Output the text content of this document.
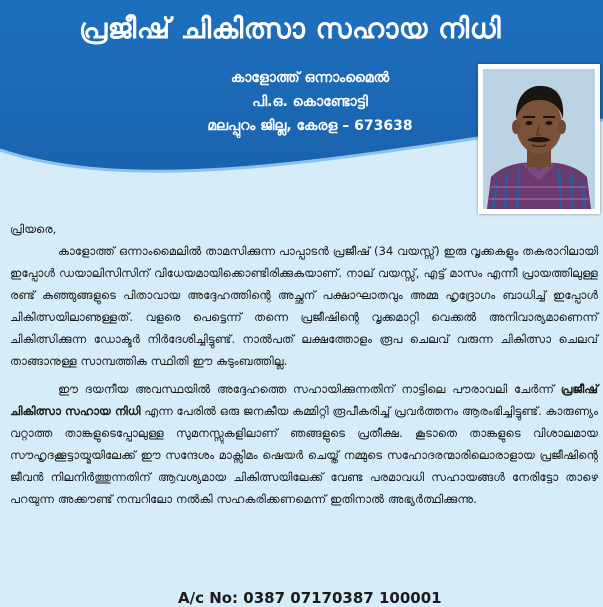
പ്രജീഷ് ചികിത്സാ സഹായ നിധി
കാളോത്ത് ഒന്നാംമൈൽ
പി.ഒ. കൊണ്ടോട്ടി
മലപ്പുറം ജില്ല, കേരള – 673638

പ്രിയരെ,

കാളോത്ത് ഒന്നാംമൈലിൽ താമസിക്കുന്ന പാപ്പാടൻ പ്രജീഷ് (34 വയസ്സ്) ഇരു വൃക്കകളും തകരാറിലായി ഇപ്പോൾ ഡയാലിസിസിന് വിധേയമായിക്കൊണ്ടിരിക്കുകയാണ്. നാല് വയസ്സ്, എട്ട് മാസം എന്നീ പ്രായത്തിലുള്ള രണ്ട് കുഞ്ഞുങ്ങളുടെ പിതാവായ അദ്ദേഹത്തിന്റെ അച്ഛന് പക്ഷാഘാതവും അമ്മ ഹൃദ്രോഗം ബാധിച്ച് ഇപ്പോൾ ചികിത്സയിലാണുള്ളത്. വളരെ പെട്ടെന്ന് തന്നെ പ്രജീഷിന്റെ വൃക്കമാറ്റി വെക്കൽ അനിവാര്യമാണെന്ന് ചികിത്സിക്കുന്ന ഡോക്ടർ നിർദേശിച്ചിട്ടുണ്ട്. നാൽപത് ലക്ഷത്തോളം രൂപ ചെലവ് വരുന്ന ചികിത്സാ ചെലവ് താങ്ങാനുള്ള സാമ്പത്തിക സ്ഥിതി ഈ കുടുംബത്തില്ല.

ഈ ദയനീയ അവസ്ഥയിൽ അദ്ദേഹത്തെ സഹായിക്കുന്നതിന് നാട്ടിലെ പൗരാവലി ചേർന്ന് പ്രജീഷ് ചികിത്സാ സഹായ നിധി എന്ന പേരിൽ ഒരു ജനകീയ കമ്മിറ്റി രൂപീകരിച്ച് പ്രവർത്തനം ആരംഭിച്ചിട്ടുണ്ട്. കാരുണ്യം വറ്റാത്ത താങ്കളുടെപ്പോലുള്ള സുമനസ്സുകളിലാണ് ഞങ്ങളുടെ പ്രതീക്ഷ. കൂടാതെ താങ്കളുടെ വിശാലമായ സൗഹൃദക്കൂട്ടായ്മയിലേക്ക് ഈ സന്ദേശം മാക്സിമം ഷെയർ ചെയ്ത് നമ്മുടെ സഹോദരന്മാരിലൊരാളായ പ്രജീഷിന്റെ ജീവൻ നിലനിർത്തുന്നതിന് ആവശ്യമായ ചികിത്സയിലേക്ക് വേണ്ട പരമാവധി സഹായങ്ങൾ നേരിട്ടോ താഴെ പറയുന്ന അക്കൗണ്ട് നമ്പറിലോ നൽകി സഹകരിക്കണമെന്ന് ഇതിനാൽ അഭ്യർത്ഥിക്കുന്നു.

A/c No: 0387 07170387 100001
